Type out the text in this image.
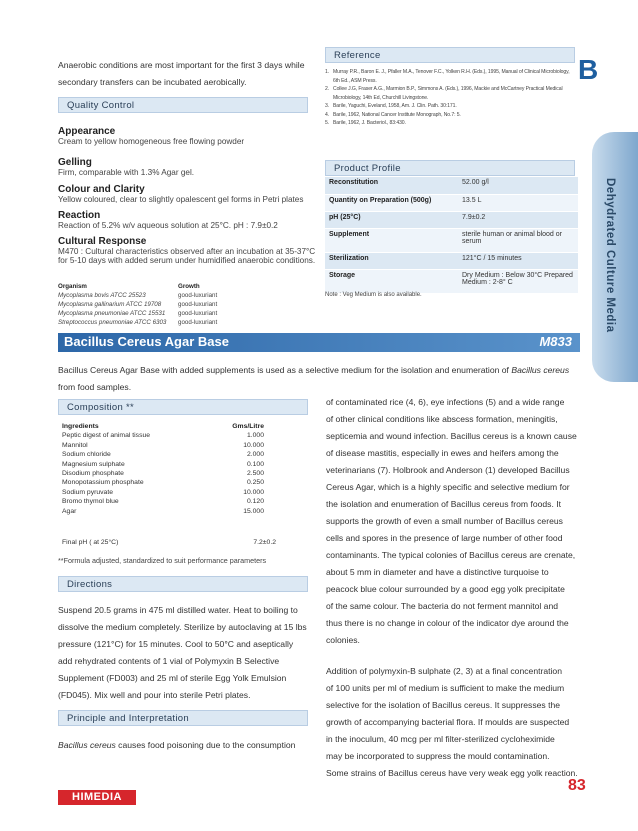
Anaerobic conditions are most important for the first 3 days while
secondary transfers can be incubated aerobically.
Quality Control
Appearance
Cream to yellow homogeneous free flowing powder
Gelling
Firm, comparable with 1.3% Agar gel.
Colour and Clarity
Yellow coloured, clear to slightly opalescent gel forms in Petri plates
Reaction
Reaction of 5.2% w/v aqueous solution at 25°C. pH : 7.9±0.2
Cultural Response
M470 : Cultural characteristics observed after an incubation at 35-37°C
for 5-10 days with added serum under humidified anaerobic conditions.
Organism	Growth
Mycoplasma bovis ATCC 25523	good-luxuriant
Mycoplasma gallinarium ATCC 19708	good-luxuriant
Mycoplasma pneumoniae ATCC 15531	good-luxuriant
Streptococcus pneumoniae ATCC 6303	good-luxuriant
Reference
1. Murray P.R., Baron E. J., Pfaller M.A., Tenover F.C., Yolken R.H. (Eds.), 1995, Manual of Clinical Microbiology,
6th Ed., ASM Press.
2. Collee J.G, Fraser A.G., Marmion B.P., Simmons A. (Eds.), 1996, Mackie and McCartney Practical Medical
Microbiology, 14th Ed, Churchill Livingstone.
3. Barile, Yaguchi, Eveland, 1958, Am. J. Clin. Path. 30:171.
4. Barile, 1962, National Cancer Institute Monograph, No.7: 5.
5. Barile, 1962, J. Bacteriol., 83:430.
B
Dehydrated Culture Media
Product Profile
Reconstitution	52.00 g/l
Quantity on Preparation (500g)	13.5 L
pH (25°C)	7.9±0.2
Supplement	sterile human or animal blood or
serum
Sterilization	121°C / 15 minutes
Storage	Dry Medium : Below 30°C Prepared
Medium : 2-8° C
Note : Veg Medium is also available.
Bacillus Cereus Agar Base	M833
Bacillus Cereus Agar Base with added supplements is used as a selective medium for the isolation and enumeration of Bacillus cereus
from food samples.
Composition **
Ingredients	Gms/Litre
Peptic digest of animal tissue	1.000
Mannitol	10.000
Sodium chloride	2.000
Magnesium sulphate	0.100
Disodium phosphate	2.500
Monopotassium phosphate	0.250
Sodium pyruvate	10.000
Bromo thymol blue	0.120
Agar	15.000
Final pH ( at 25°C)	7.2±0.2
**Formula adjusted, standardized to suit performance parameters
Directions
Suspend 20.5 grams in 475 ml distilled water. Heat to boiling to
dissolve the medium completely. Sterilize by autoclaving at 15 lbs
pressure (121°C) for 15 minutes. Cool to 50°C and aseptically
add rehydrated contents of 1 vial of Polymyxin B Selective
Supplement (FD003) and 25 ml of sterile Egg Yolk Emulsion
(FD045). Mix well and pour into sterile Petri plates.
Principle and Interpretation
Bacillus cereus causes food poisoning due to the consumption
of contaminated rice (4, 6), eye infections (5) and a wide range
of other clinical conditions like abscess formation, meningitis,
septicemia and wound infection. Bacillus cereus is a known cause
of disease mastitis, especially in ewes and heifers among the
veterinarians (7). Holbrook and Anderson (1) developed Bacillus
Cereus Agar, which is a highly specific and selective medium for
the isolation and enumeration of Bacillus cereus from foods. It
supports the growth of even a small number of Bacillus cereus
cells and spores in the presence of large number of other food
contaminants. The typical colonies of Bacillus cereus are crenate,
about 5 mm in diameter and have a distinctive turquoise to
peacock blue colour surrounded by a good egg yolk precipitate
of the same colour. The bacteria do not ferment mannitol and
thus there is no change in colour of the indicator dye around the
colonies.
Addition of polymyxin-B sulphate (2, 3) at a final concentration
of 100 units per ml of medium is sufficient to make the medium
selective for the isolation of Bacillus cereus. It suppresses the
growth of accompanying bacterial flora. If moulds are suspected
in the inoculum, 40 mcg per ml filter-sterilized cycloheximide
may be incorporated to suppress the mould contamination.
Some strains of Bacillus cereus have very weak egg yolk reaction.
HIMEDIA
83
